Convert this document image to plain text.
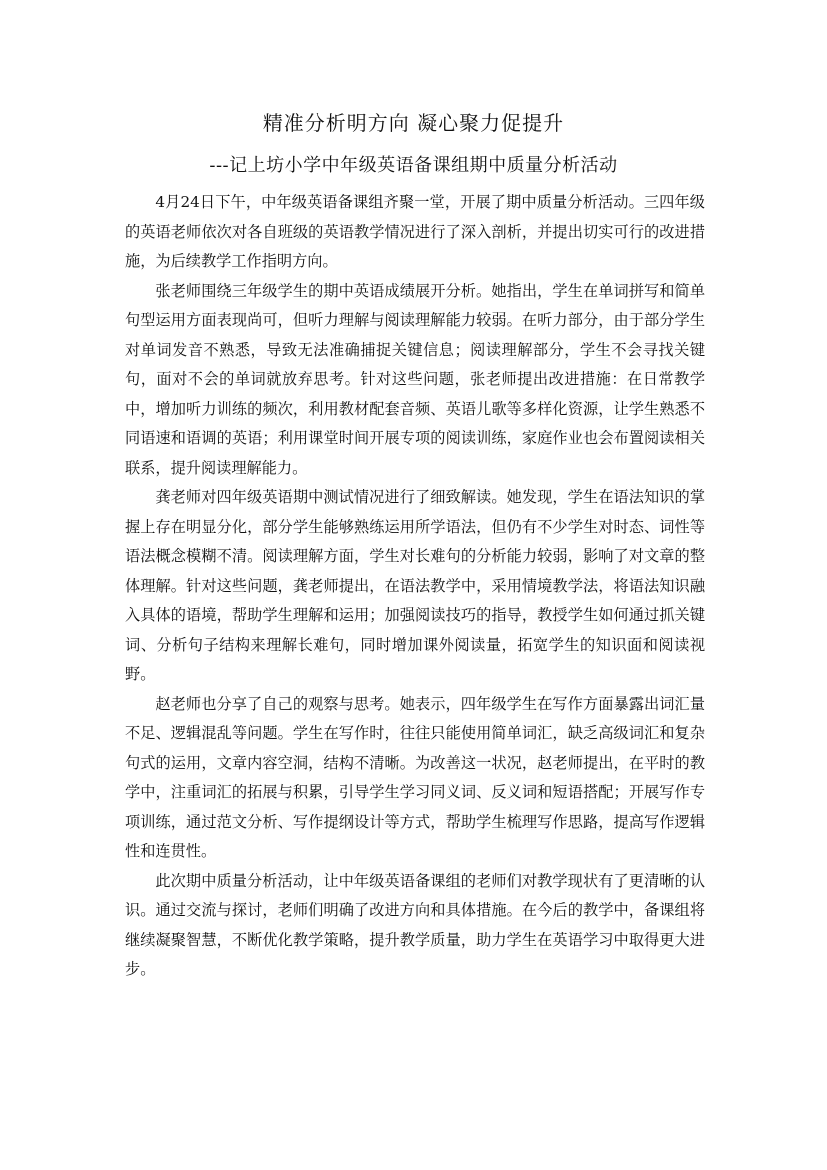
精准分析明方向 凝心聚力促提升
---记上坊小学中年级英语备课组期中质量分析活动

4月24日下午，中年级英语备课组齐聚一堂，开展了期中质量分析活动。三四年级的英语老师依次对各自班级的英语教学情况进行了深入剖析，并提出切实可行的改进措施，为后续教学工作指明方向。

张老师围绕三年级学生的期中英语成绩展开分析。她指出，学生在单词拼写和简单句型运用方面表现尚可，但听力理解与阅读理解能力较弱。在听力部分，由于部分学生对单词发音不熟悉，导致无法准确捕捉关键信息；阅读理解部分，学生不会寻找关键句，面对不会的单词就放弃思考。针对这些问题，张老师提出改进措施：在日常教学中，增加听力训练的频次，利用教材配套音频、英语儿歌等多样化资源，让学生熟悉不同语速和语调的英语；利用课堂时间开展专项的阅读训练，家庭作业也会布置阅读相关联系，提升阅读理解能力。

龚老师对四年级英语期中测试情况进行了细致解读。她发现，学生在语法知识的掌握上存在明显分化，部分学生能够熟练运用所学语法，但仍有不少学生对时态、词性等语法概念模糊不清。阅读理解方面，学生对长难句的分析能力较弱，影响了对文章的整体理解。针对这些问题，龚老师提出，在语法教学中，采用情境教学法，将语法知识融入具体的语境，帮助学生理解和运用；加强阅读技巧的指导，教授学生如何通过抓关键词、分析句子结构来理解长难句，同时增加课外阅读量，拓宽学生的知识面和阅读视野。

赵老师也分享了自己的观察与思考。她表示，四年级学生在写作方面暴露出词汇量不足、逻辑混乱等问题。学生在写作时，往往只能使用简单词汇，缺乏高级词汇和复杂句式的运用，文章内容空洞，结构不清晰。为改善这一状况，赵老师提出，在平时的教学中，注重词汇的拓展与积累，引导学生学习同义词、反义词和短语搭配；开展写作专项训练，通过范文分析、写作提纲设计等方式，帮助学生梳理写作思路，提高写作逻辑性和连贯性。

此次期中质量分析活动，让中年级英语备课组的老师们对教学现状有了更清晰的认识。通过交流与探讨，老师们明确了改进方向和具体措施。在今后的教学中，备课组将继续凝聚智慧，不断优化教学策略，提升教学质量，助力学生在英语学习中取得更大进步。
